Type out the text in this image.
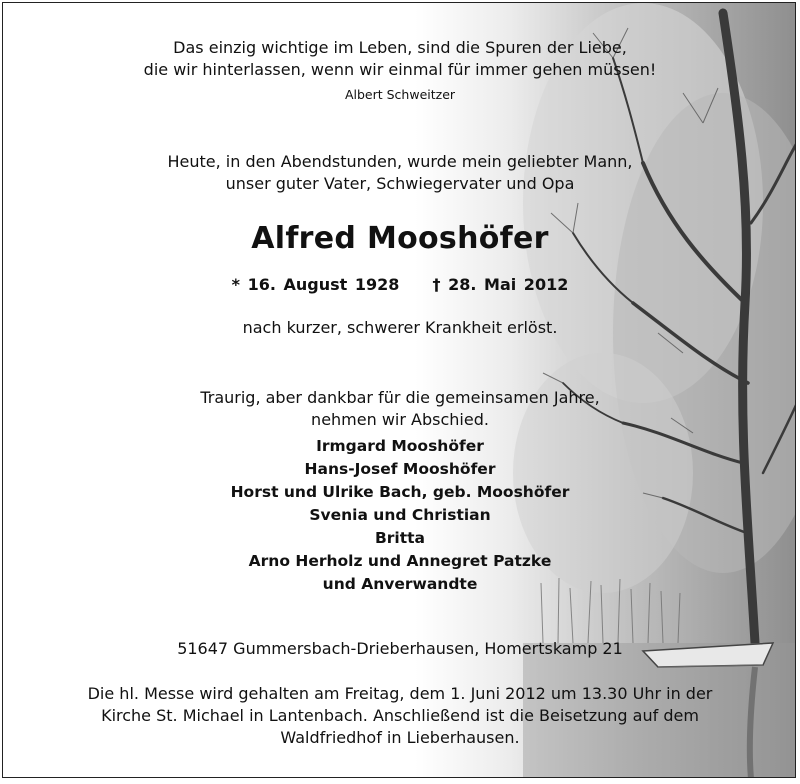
Das einzig wichtige im Leben, sind die Spuren der Liebe,
die wir hinterlassen, wenn wir einmal für immer gehen müssen!
Albert Schweitzer
Heute, in den Abendstunden, wurde mein geliebter Mann,
unser guter Vater, Schwiegervater und Opa
Alfred Mooshöfer
* 16. August 1928 † 28. Mai 2012
nach kurzer, schwerer Krankheit erlöst.
Traurig, aber dankbar für die gemeinsamen Jahre,
nehmen wir Abschied.
Irmgard Mooshöfer
Hans-Josef Mooshöfer
Horst und Ulrike Bach, geb. Mooshöfer
Svenia und Christian
Britta
Arno Herholz und Annegret Patzke
und Anverwandte
51647 Gummersbach-Drieberhausen, Homertskamp 21
Die hl. Messe wird gehalten am Freitag, dem 1. Juni 2012 um 13.30 Uhr in der
Kirche St. Michael in Lantenbach. Anschließend ist die Beisetzung auf dem
Waldfriedhof in Lieberhausen.
